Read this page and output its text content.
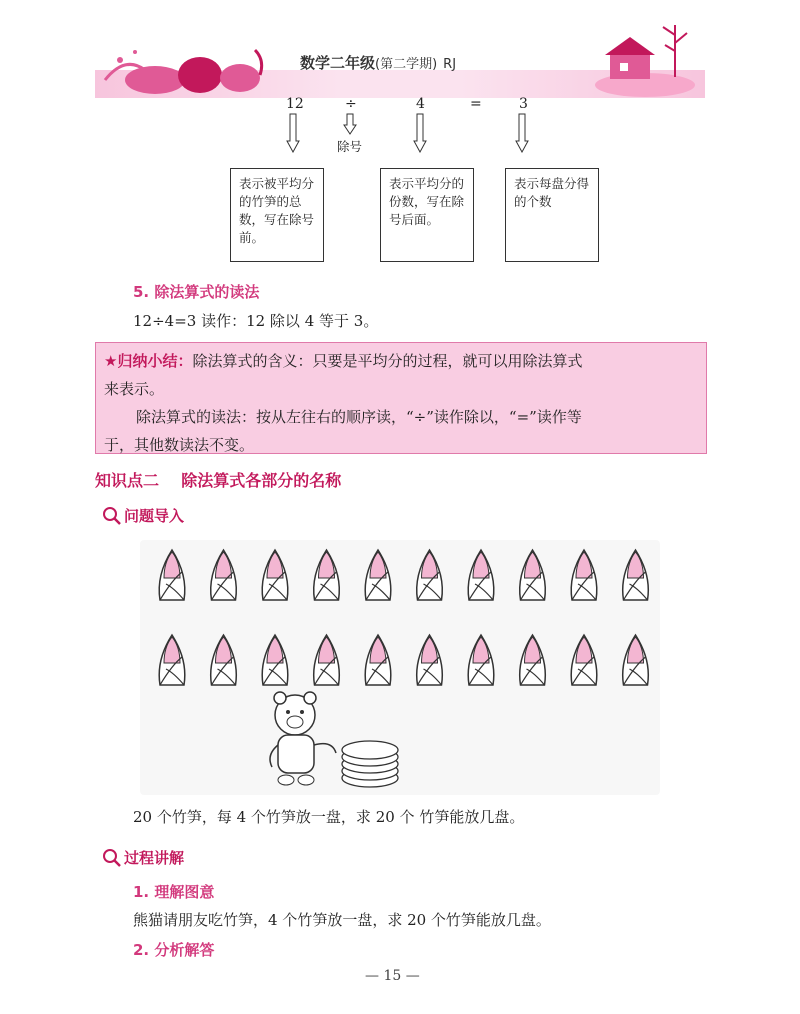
数学二年级(第二学期) RJ
12	÷	4	=	3
除号
表示被平均分的竹笋的总数，写在除号前。
表示平均分的份数，写在除号后面。
表示每盘分得的个数
5. 除法算式的读法
12÷4=3 读作：12 除以 4 等于 3。

★归纳小结：除法算式的含义：只要是平均分的过程，就可以用除法算式

来表示。

除法算式的读法：按从左往右的顺序读，“÷”读作除以，“=”读作等

于，其他数读法不变。

知识点二    除法算式各部分的名称
问题导入
20 个竹笋，每 4 个竹笋放一盘，求 20 个 竹笋能放几盘。
过程讲解
1. 理解图意
熊猫请朋友吃竹笋，4 个竹笋放一盘，求 20 个竹笋能放几盘。
2. 分析解答
— 15 —
